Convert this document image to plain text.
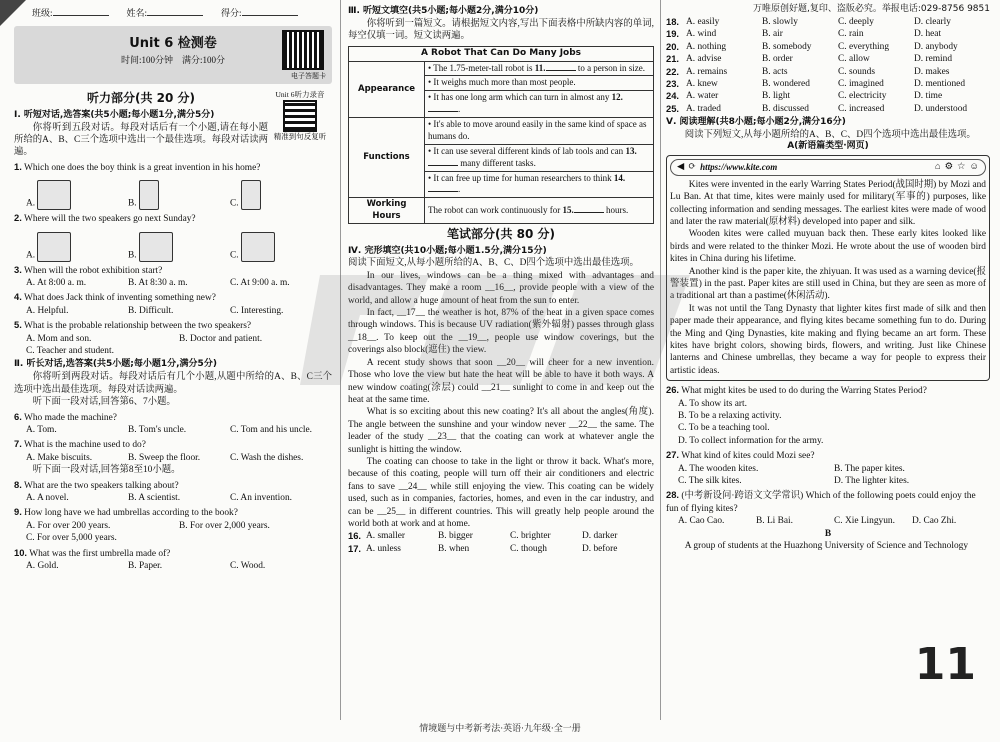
班级:	姓名:	得分:
Unit 6 检测卷
时间:100分钟　满分:100分
电子答题卡
听力部分(共 20 分)
Ⅰ. 听短对话,选答案(共5小题;每小题1分,满分5分)
你将听到五段对话。每段对话后有一个小题,请在每小题所给的A、B、C三个选项中选出一个最佳选项。每段对话读两遍。
Unit 6听力录音
精准到句反复听
1. Which one does the boy think is a great invention in his home?
A.	B.	C.
2. Where will the two speakers go next Sunday?
A.	B.	C.
3. When will the robot exhibition start?
A. At 8:00 a. m.	B. At 8:30 a. m.	C. At 9:00 a. m.
4. What does Jack think of inventing something new?
A. Helpful.	B. Difficult.	C. Interesting.
5. What is the probable relationship between the two speakers?
A. Mom and son.	B. Doctor and patient.
C. Teacher and student.
Ⅱ. 听长对话,选答案(共5小题;每小题1分,满分5分)
你将听到两段对话。每段对话后有几个小题,从题中所给的A、B、C三个选项中选出最佳选项。每段对话读两遍。
听下面一段对话,回答第6、7小题。
6. Who made the machine?
A. Tom.	B. Tom's uncle.	C. Tom and his uncle.
7. What is the machine used to do?
A. Make biscuits.	B. Sweep the floor.	C. Wash the dishes.
听下面一段对话,回答第8至10小题。
8. What are the two speakers talking about?
A. A novel.	B. A scientist.	C. An invention.
9. How long have we had umbrellas according to the book?
A. For over 200 years.	B. For over 2,000 years.
C. For over 5,000 years.
10. What was the first umbrella made of?
A. Gold.	B. Paper.	C. Wood.
Ⅲ. 听短文填空(共5小题;每小题2分,满分10分)
你将听到一篇短文。请根据短文内容,写出下面表格中所缺内容的单词,每空仅填一词。短文读两遍。
A Robot That Can Do Many Jobs	
Appearance	• The 1.75-meter-tall robot is 11. to a person in size.
	• It weighs much more than most people.
	• It has one long arm which can turn in almost any 12..
Functions	• It's able to move around easily in the same kind of space as humans do.
	• It can use several different kinds of lab tools and can 13. many different tasks.
	• It can free up time for human researchers to think 14..
Working Hours	The robot can work continuously for 15. hours.
笔试部分(共 80 分)
Ⅳ. 完形填空(共10小题;每小题1.5分,满分15分)
阅读下面短文,从每小题所给的A、B、C、D四个选项中选出最佳选项。
In our lives, windows can be a thing mixed with advantages and disadvantages. They make a room __16__, provide people with a view of the world, and allow a huge amount of heat from the sun to enter.
In fact, __17__ the weather is hot, 87% of the heat in a given space comes through windows. This is because UV radiation(紫外辐射) passes through glass __18__. To keep out the __19__, people use window coverings, but the coverings also block(遮住) the view.
A recent study shows that soon __20__ will cheer for a new invention. Those who love the view but hate the heat will be able to have it both ways. A new window coating(涂层) could __21__ sunlight to come in and keep out the heat at the same time.
What is so exciting about this new coating? It's all about the angles(角度). The angle between the sunshine and your window never __22__ the same. The leader of the study __23__ that the coating can work at whatever angle the sunlight is hitting the window.
The coating can choose to take in the light or throw it back. What's more, because of this coating, people will turn off their air conditioners and electric fans to save __24__ while still enjoying the view. This coating can be widely used, such as in companies, factories, homes, and even in the car industry, and can be __25__ in different countries. This will greatly help people around the world both at work and at home.
16. A. smaller	B. bigger	C. brighter	D. darker
17. A. unless	B. when	C. though	D. before
万唯原创好题,复印、盗版必究。举报电话:029-8756 9851
18. A. easily	B. slowly	C. deeply	D. clearly
19. A. wind	B. air	C. rain	D. heat
20. A. nothing	B. somebody	C. everything	D. anybody
21. A. advise	B. order	C. allow	D. remind
22. A. remains	B. acts	C. sounds	D. makes
23. A. knew	B. wondered	C. imagined	D. mentioned
24. A. water	B. light	C. electricity	D. time
25. A. traded	B. discussed	C. increased	D. understood
Ⅴ. 阅读理解(共8小题;每小题2分,满分16分)
阅读下列短文,从每小题所给的A、B、C、D四个选项中选出最佳选项。
A(新语篇类型·网页)
◀ ⟳ https://www.kite.com	⌂ ⚙ ☆ ☺
Kites were invented in the early Warring States Period(战国时期) by Mozi and Lu Ban. At that time, kites were mainly used for military(军事的) purposes, like collecting information and sending messages. The earliest kites were made of wood and later the raw material(原材料) developed into paper and silk.
Wooden kites were called muyuan back then. These early kites looked like birds and were related to the thinker Mozi. He wrote about the use of wooden bird kites in China during his lifetime.
Another kind is the paper kite, the zhiyuan. It was used as a warning device(报警装置) in the past. Paper kites are still used in China, but they are seen as more of a traditional art than a pastime(休闲活动).
It was not until the Tang Dynasty that lighter kites first made of silk and then paper made their appearance, and flying kites became something fun to do. During the Ming and Qing Dynasties, kite making and flying became an art form. These kites have bright colors, showing birds, flowers, and writing. Just like Chinese lanterns and Chinese umbrellas, they became a way for people to express their artistic ideas.
26. What might kites be used to do during the Warring States Period?
A. To show its art.
B. To be a relaxing activity.
C. To be a teaching tool.
D. To collect information for the army.
27. What kind of kites could Mozi see?
A. The wooden kites.	B. The paper kites.
C. The silk kites.	D. The lighter kites.
28. (中考新设问·跨语文文学常识) Which of the following poets could enjoy the fun of flying kites?
A. Cao Cao.	B. Li Bai.	C. Xie Lingyun.	D. Cao Zhi.
B
A group of students at the Huazhong University of Science and Technology
11
情境题与中考新考法·英语·九年级·全一册
